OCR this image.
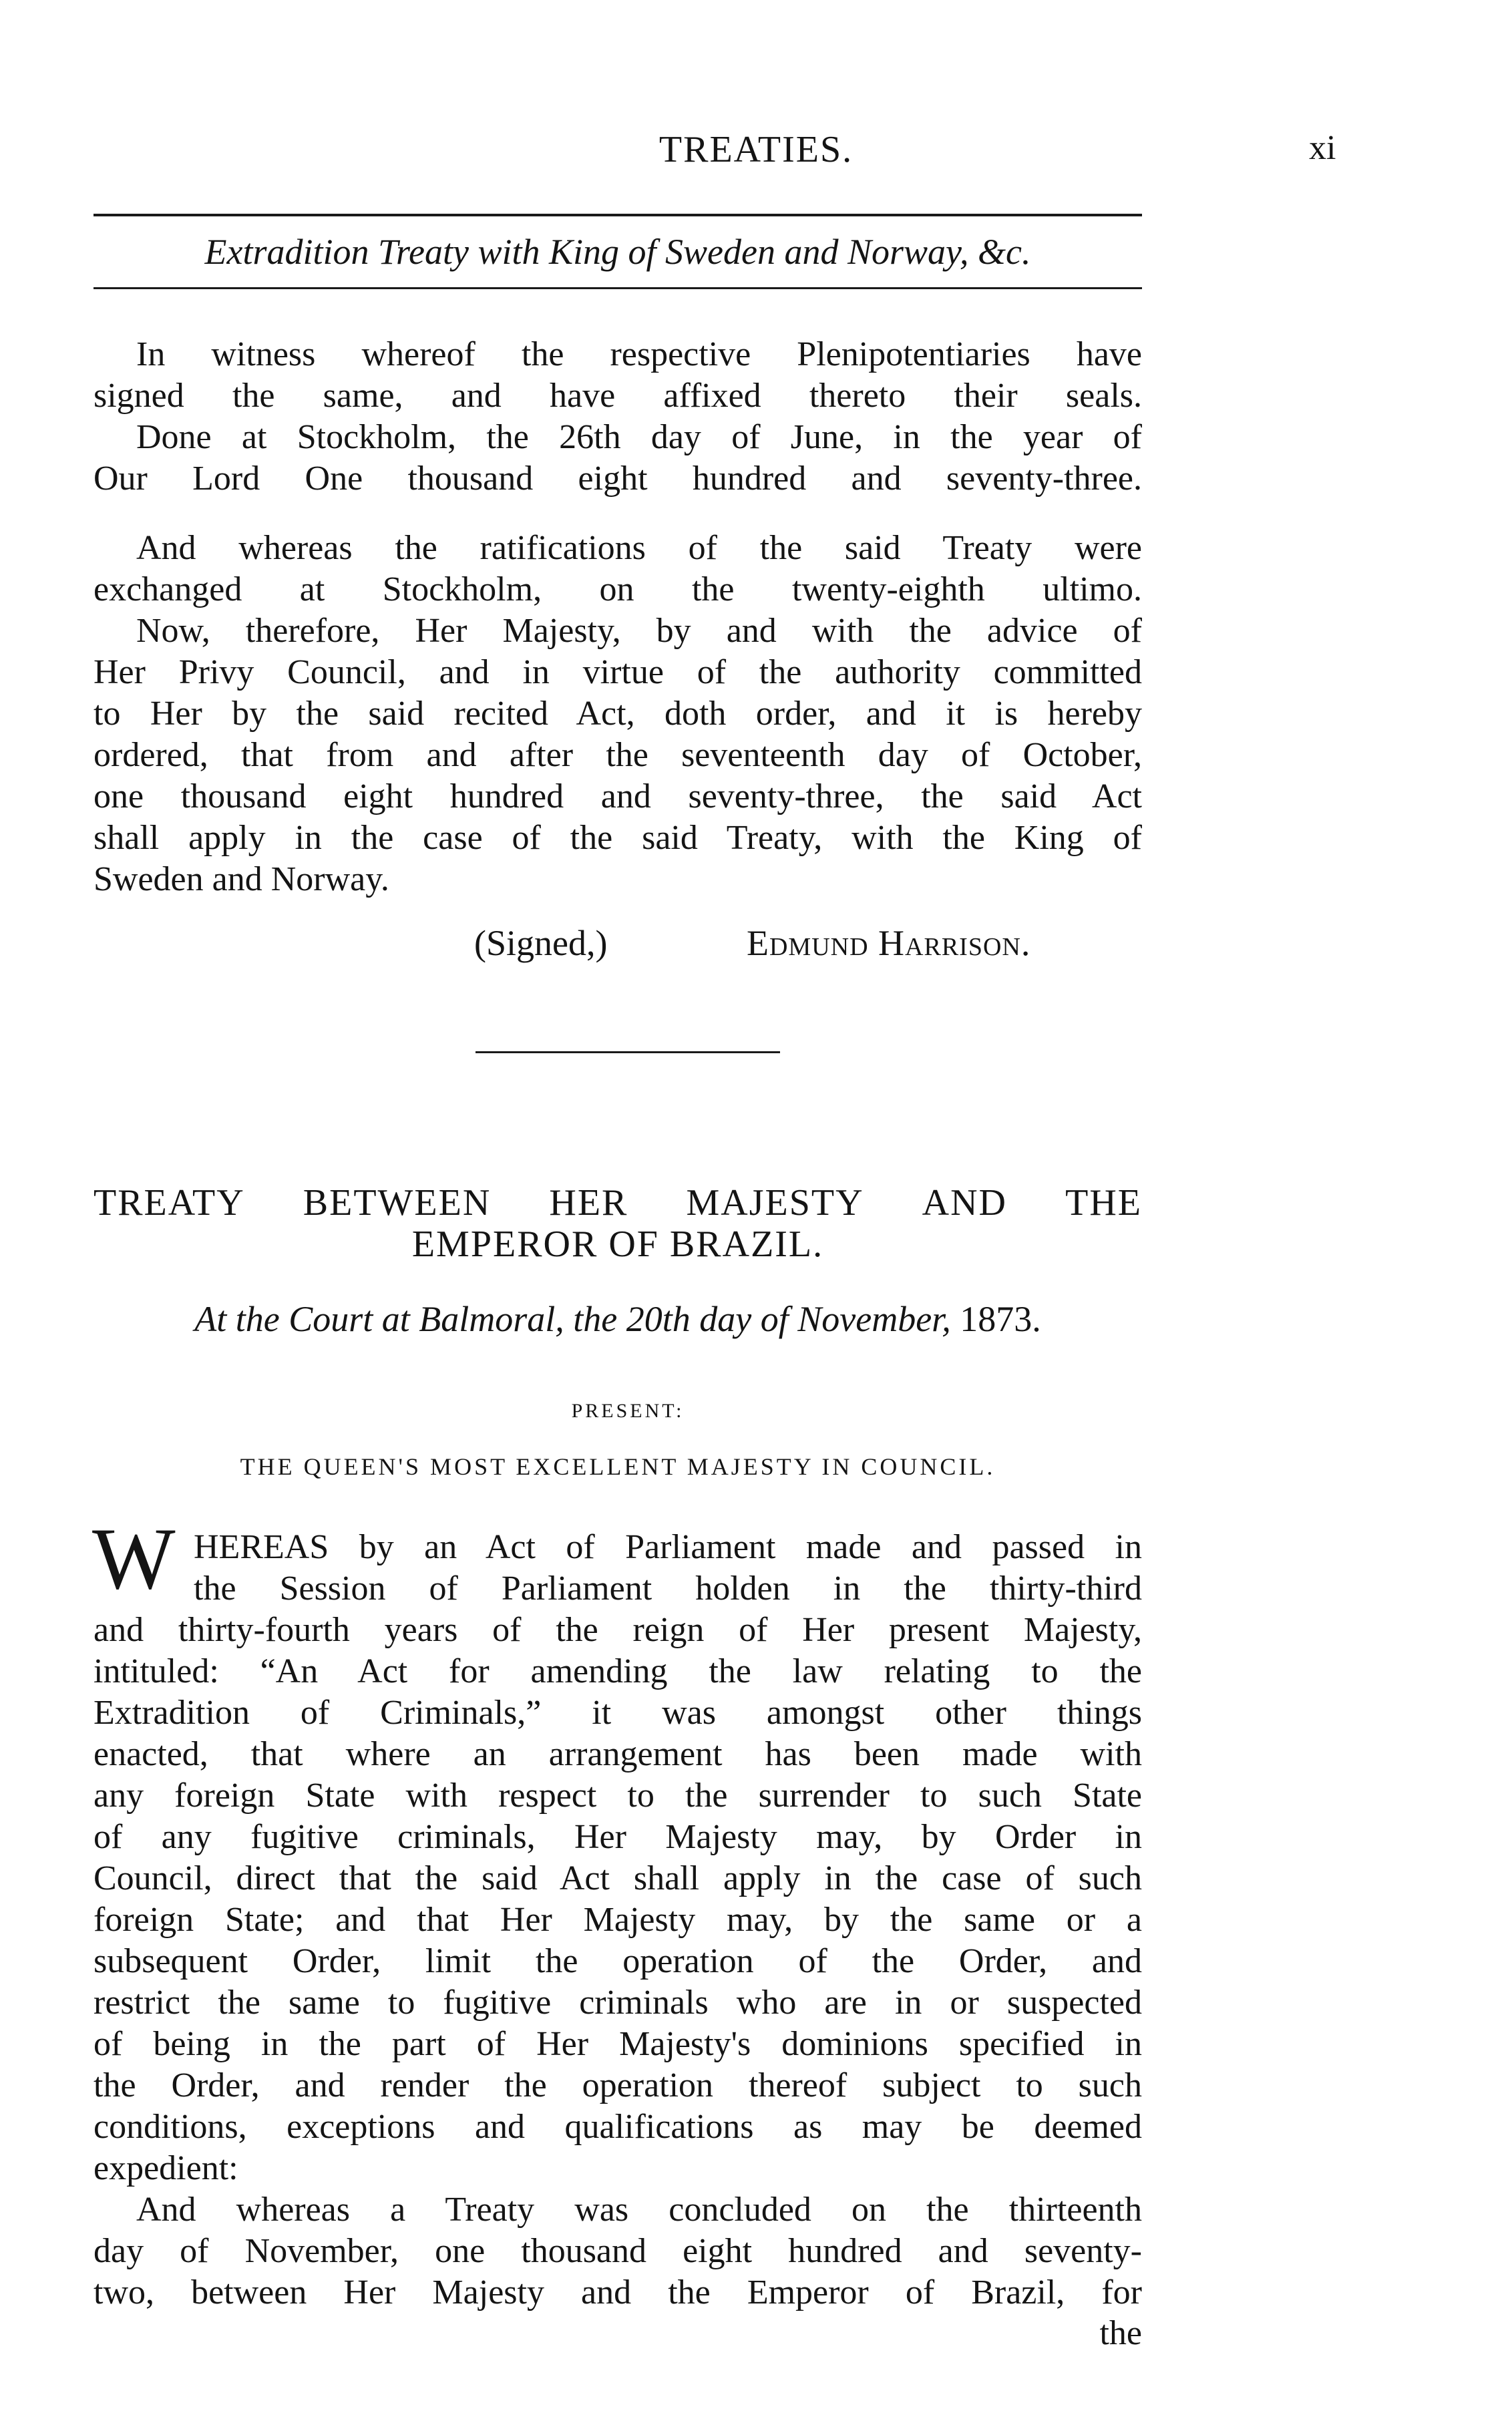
TREATIES.	xi
Extradition Treaty with King of Sweden and Norway, &c.
In witness whereof the respective Plenipotentiaries have
signed the same, and have affixed thereto their seals.
Done at Stockholm, the 26th day of June, in the year of
Our Lord One thousand eight hundred and seventy-three.
And whereas the ratifications of the said Treaty were
exchanged at Stockholm, on the twenty-eighth ultimo.
Now, therefore, Her Majesty, by and with the advice of
Her Privy Council, and in virtue of the authority committed
to Her by the said recited Act, doth order, and it is hereby
ordered, that from and after the seventeenth day of October,
one thousand eight hundred and seventy-three, the said Act
shall apply in the case of the said Treaty, with the King of
Sweden and Norway.
(Signed,)	Edmund Harrison.
TREATY BETWEEN HER MAJESTY AND THE
EMPEROR OF BRAZIL.
At the Court at Balmoral, the 20th day of November, 1873.
PRESENT:
THE QUEEN'S MOST EXCELLENT MAJESTY IN COUNCIL.
W HEREAS by an Act of Parliament made and passed in
the Session of Parliament holden in the thirty-third
and thirty-fourth years of the reign of Her present Majesty,
intituled: “An Act for amending the law relating to the
Extradition of Criminals,” it was amongst other things
enacted, that where an arrangement has been made with
any foreign State with respect to the surrender to such State
of any fugitive criminals, Her Majesty may, by Order in
Council, direct that the said Act shall apply in the case of such
foreign State; and that Her Majesty may, by the same or a
subsequent Order, limit the operation of the Order, and
restrict the same to fugitive criminals who are in or suspected
of being in the part of Her Majesty's dominions specified in
the Order, and render the operation thereof subject to such
conditions, exceptions and qualifications as may be deemed
expedient:
And whereas a Treaty was concluded on the thirteenth
day of November, one thousand eight hundred and seventy-
two, between Her Majesty and the Emperor of Brazil, for
the
